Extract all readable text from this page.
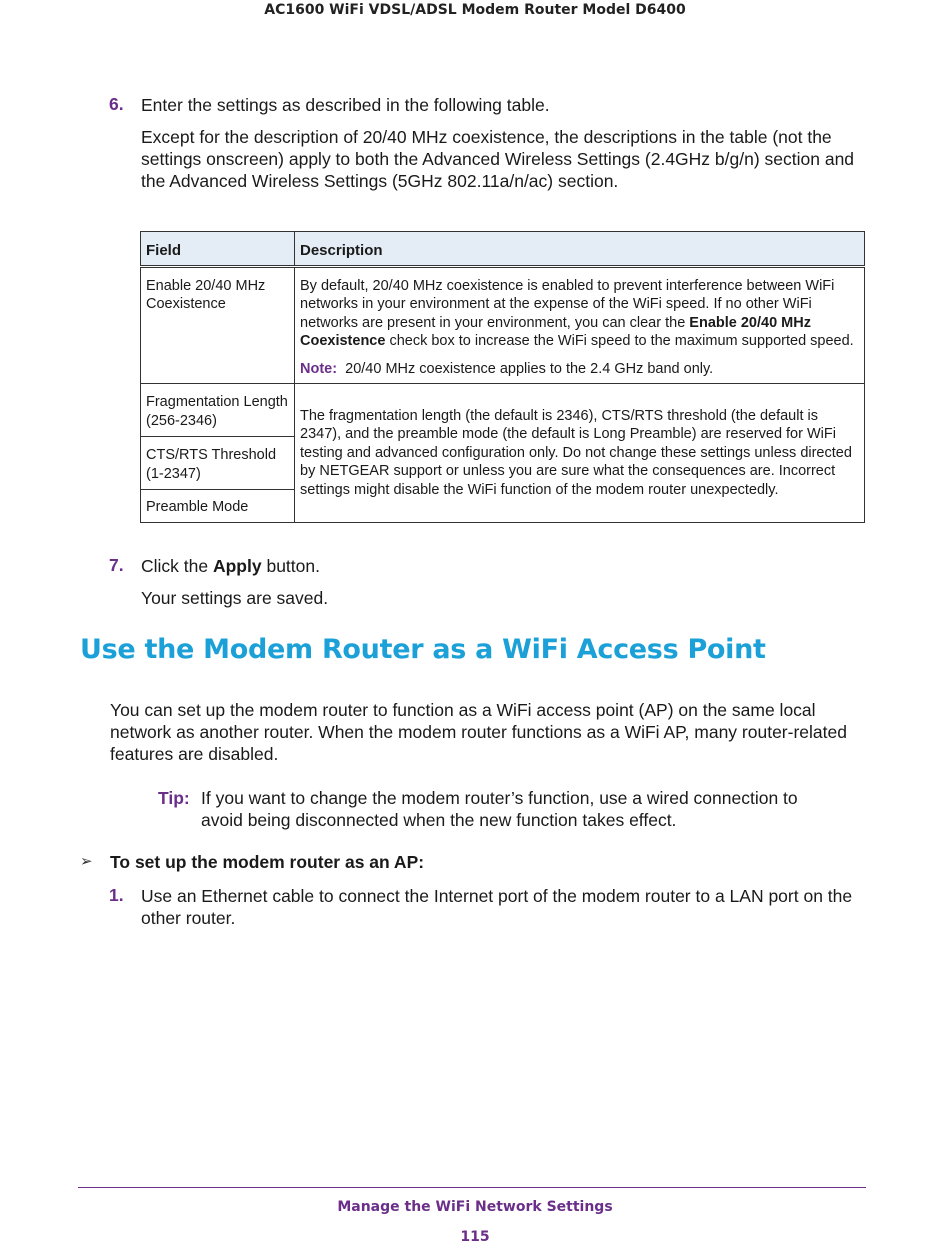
AC1600 WiFi VDSL/ADSL Modem Router Model D6400
6. Enter the settings as described in the following table.
Except for the description of 20/40 MHz coexistence, the descriptions in the table (not the settings onscreen) apply to both the Advanced Wireless Settings (2.4GHz b/g/n) section and the Advanced Wireless Settings (5GHz 802.11a/n/ac) section.
Field	Description
Enable 20/40 MHz Coexistence	By default, 20/40 MHz coexistence is enabled to prevent interference between WiFi networks in your environment at the expense of the WiFi speed. If no other WiFi networks are present in your environment, you can clear the Enable 20/40 MHz Coexistence check box to increase the WiFi speed to the maximum supported speed.
Note: 20/40 MHz coexistence applies to the 2.4 GHz band only.

Fragmentation Length (256-2346)	The fragmentation length (the default is 2346), CTS/RTS threshold (the default is 2347), and the preamble mode (the default is Long Preamble) are reserved for WiFi testing and advanced configuration only. Do not change these settings unless directed by NETGEAR support or unless you are sure what the consequences are. Incorrect settings might disable the WiFi function of the modem router unexpectedly.
CTS/RTS Threshold (1-2347)	
Preamble Mode	
7. Click the Apply button.
Your settings are saved.
Use the Modem Router as a WiFi Access Point
You can set up the modem router to function as a WiFi access point (AP) on the same local network as another router. When the modem router functions as a WiFi AP, many router-related features are disabled.
Tip: If you want to change the modem router’s function, use a wired connection to avoid being disconnected when the new function takes effect.
➢ To set up the modem router as an AP:
1. Use an Ethernet cable to connect the Internet port of the modem router to a LAN port on the other router.
Manage the WiFi Network Settings
115
